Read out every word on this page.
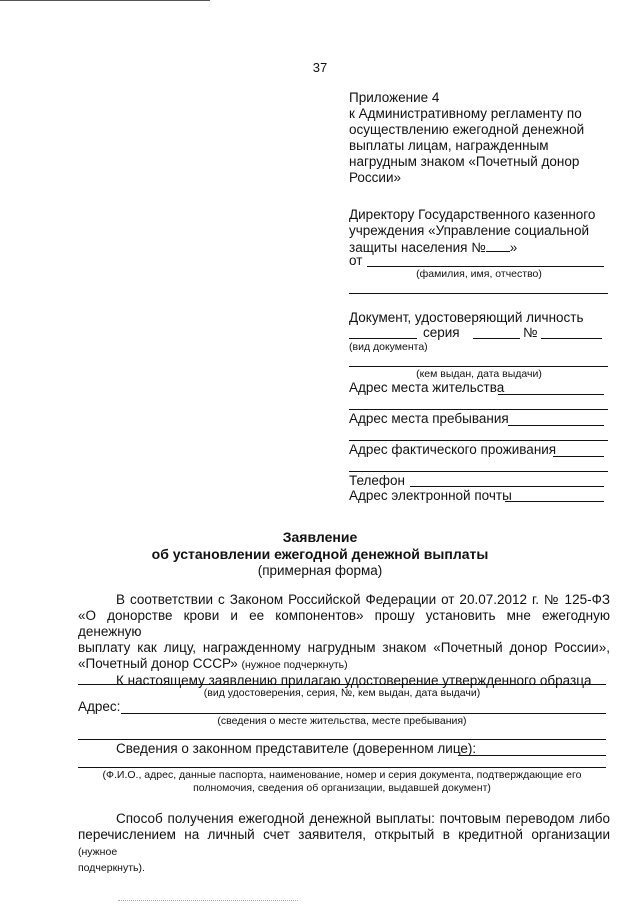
37
Приложение 4
к Административному регламенту по
осуществлению ежегодной денежной
выплаты лицам, награжденным
нагрудным знаком «Почетный донор
России»
Директору Государственного казенного
учреждения «Управление социальной
защиты населения № »
от
(фамилия, имя, отчество)
Документ, удостоверяющий личность
серия	№
(вид документа)
(кем выдан, дата выдачи)
Адрес места жительства
Адрес места пребывания
Адрес фактического проживания
Телефон
Адрес электронной почты
Заявление
об установлении ежегодной денежной выплаты
(примерная форма)
В соответствии с Законом Российской Федерации от 20.07.2012 г. № 125-ФЗ
«О донорстве крови и ее компонентов» прошу установить мне ежегодную денежную
выплату как лицу, награжденному нагрудным знаком «Почетный донор России»,
«Почетный донор СССР» (нужное подчеркнуть)
К настоящему заявлению прилагаю удостоверение утвержденного образца
(вид удостоверения, серия, №, кем выдан, дата выдачи)
Адрес:
(сведения о месте жительства, месте пребывания)
Сведения о законном представителе (доверенном лице):
(Ф.И.О., адрес, данные паспорта, наименование, номер и серия документа, подтверждающие его
полномочия, сведения об организации, выдавшей документ)
Способ получения ежегодной денежной выплаты: почтовым переводом либо
перечислением на личный счет заявителя, открытый в кредитной организации (нужное
подчеркнуть).
